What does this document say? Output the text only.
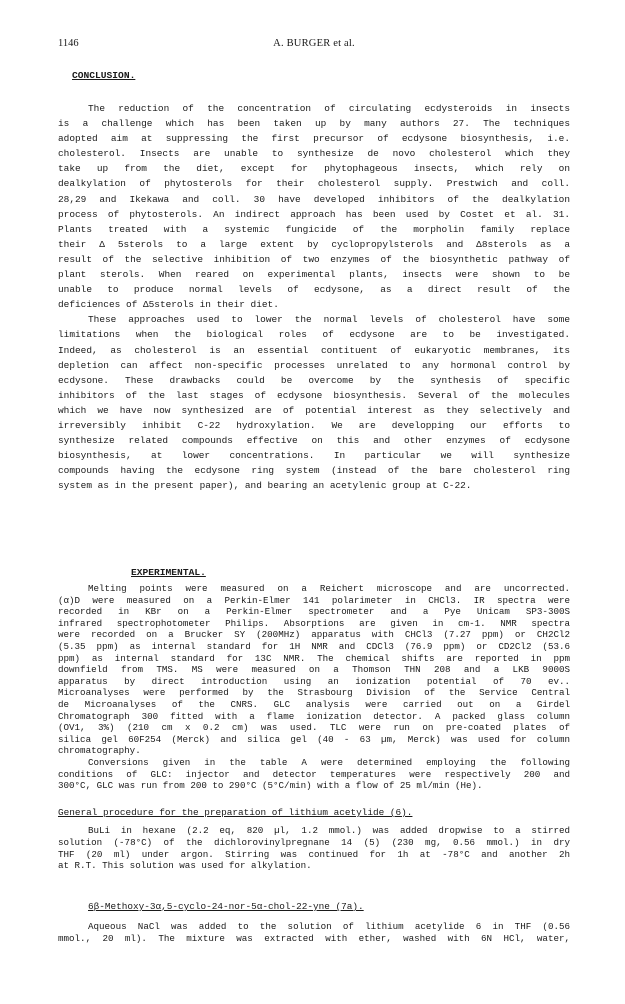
1146	A. BURGER et al.
CONCLUSION.
The reduction of the concentration of circulating ecdysteroids in insects
is a challenge which has been taken up by many authors 27. The techniques
adopted aim at suppressing the first precursor of ecdysone biosynthesis, i.e.
cholesterol. Insects are unable to synthesize de novo cholesterol which they
take up from the diet, except for phytophageous insects, which rely on
dealkylation of phytosterols for their cholesterol supply. Prestwich and coll.
28,29 and Ikekawa and coll. 30 have developed inhibitors of the dealkylation
process of phytosterols. An indirect approach has been used by Costet et al. 31.
Plants treated with a systemic fungicide of the morpholin family replace
their Δ 5sterols to a large extent by cyclopropylsterols and Δ8sterols as a
result of the selective inhibition of two enzymes of the biosynthetic pathway of
plant sterols. When reared on experimental plants, insects were shown to be
unable to produce normal levels of ecdysone, as a direct result of the
deficiences of Δ5sterols in their diet.
These approaches used to lower the normal levels of cholesterol have some
limitations when the biological roles of ecdysone are to be investigated.
Indeed, as cholesterol is an essential contituent of eukaryotic membranes, its
depletion can affect non-specific processes unrelated to any hormonal control by
ecdysone. These drawbacks could be overcome by the synthesis of specific
inhibitors of the last stages of ecdysone biosynthesis. Several of the molecules
which we have now synthesized are of potential interest as they selectively and
irreversibly inhibit C-22 hydroxylation. We are developping our efforts to
synthesize related compounds effective on this and other enzymes of ecdysone
biosynthesis, at lower concentrations. In particular we will synthesize
compounds having the ecdysone ring system (instead of the bare cholesterol ring
system as in the present paper), and bearing an acetylenic group at C-22.
EXPERIMENTAL.
Melting points were measured on a Reichert microscope and are uncorrected.
(α)D were measured on a Perkin-Elmer 141 polarimeter in CHCl3. IR spectra were
recorded in KBr on a Perkin-Elmer spectrometer and a Pye Unicam SP3-300S
infrared spectrophotometer Philips. Absorptions are given in cm-1. NMR spectra
were recorded on a Brucker SY (200MHz) apparatus with CHCl3 (7.27 ppm) or CH2Cl2
(5.35 ppm) as internal standard for 1H NMR and CDCl3 (76.9 ppm) or CD2Cl2 (53.6
ppm) as internal standard for 13C NMR. The chemical shifts are reported in ppm
downfield from TMS. MS were measured on a Thomson THN 208 and a LKB 9000S
apparatus by direct introduction using an ionization potential of 70 ev..
Microanalyses were performed by the Strasbourg Division of the Service Central
de Microanalyses of the CNRS. GLC analysis were carried out on a Girdel
Chromatograph 300 fitted with a flame ionization detector. A packed glass column
(OV1, 3%) (210 cm x 0.2 cm) was used. TLC were run on pre-coated plates of
silica gel 60F254 (Merck) and silica gel (40 - 63 µm, Merck) was used for column
chromatography.
Conversions given in the table A were determined employing the following
conditions of GLC: injector and detector temperatures were respectively 200 and
300°C, GLC was run from 200 to 290°C (5°C/min) with a flow of 25 ml/min (He).
General procedure for the preparation of lithium acetylide (6).
BuLi in hexane (2.2 eq, 820 µl, 1.2 mmol.) was added dropwise to a stirred
solution (-78°C) of the dichlorovinylpregnane 14 (5) (230 mg, 0.56 mmol.) in dry
THF (20 ml) under argon. Stirring was continued for 1h at -78°C and another 2h
at R.T. This solution was used for alkylation.
6β-Methoxy-3α,5-cyclo-24-nor-5α-chol-22-yne (7a).
Aqueous NaCl was added to the solution of lithium acetylide 6 in THF (0.56
mmol., 20 ml). The mixture was extracted with ether, washed with 6N HCl, water,
